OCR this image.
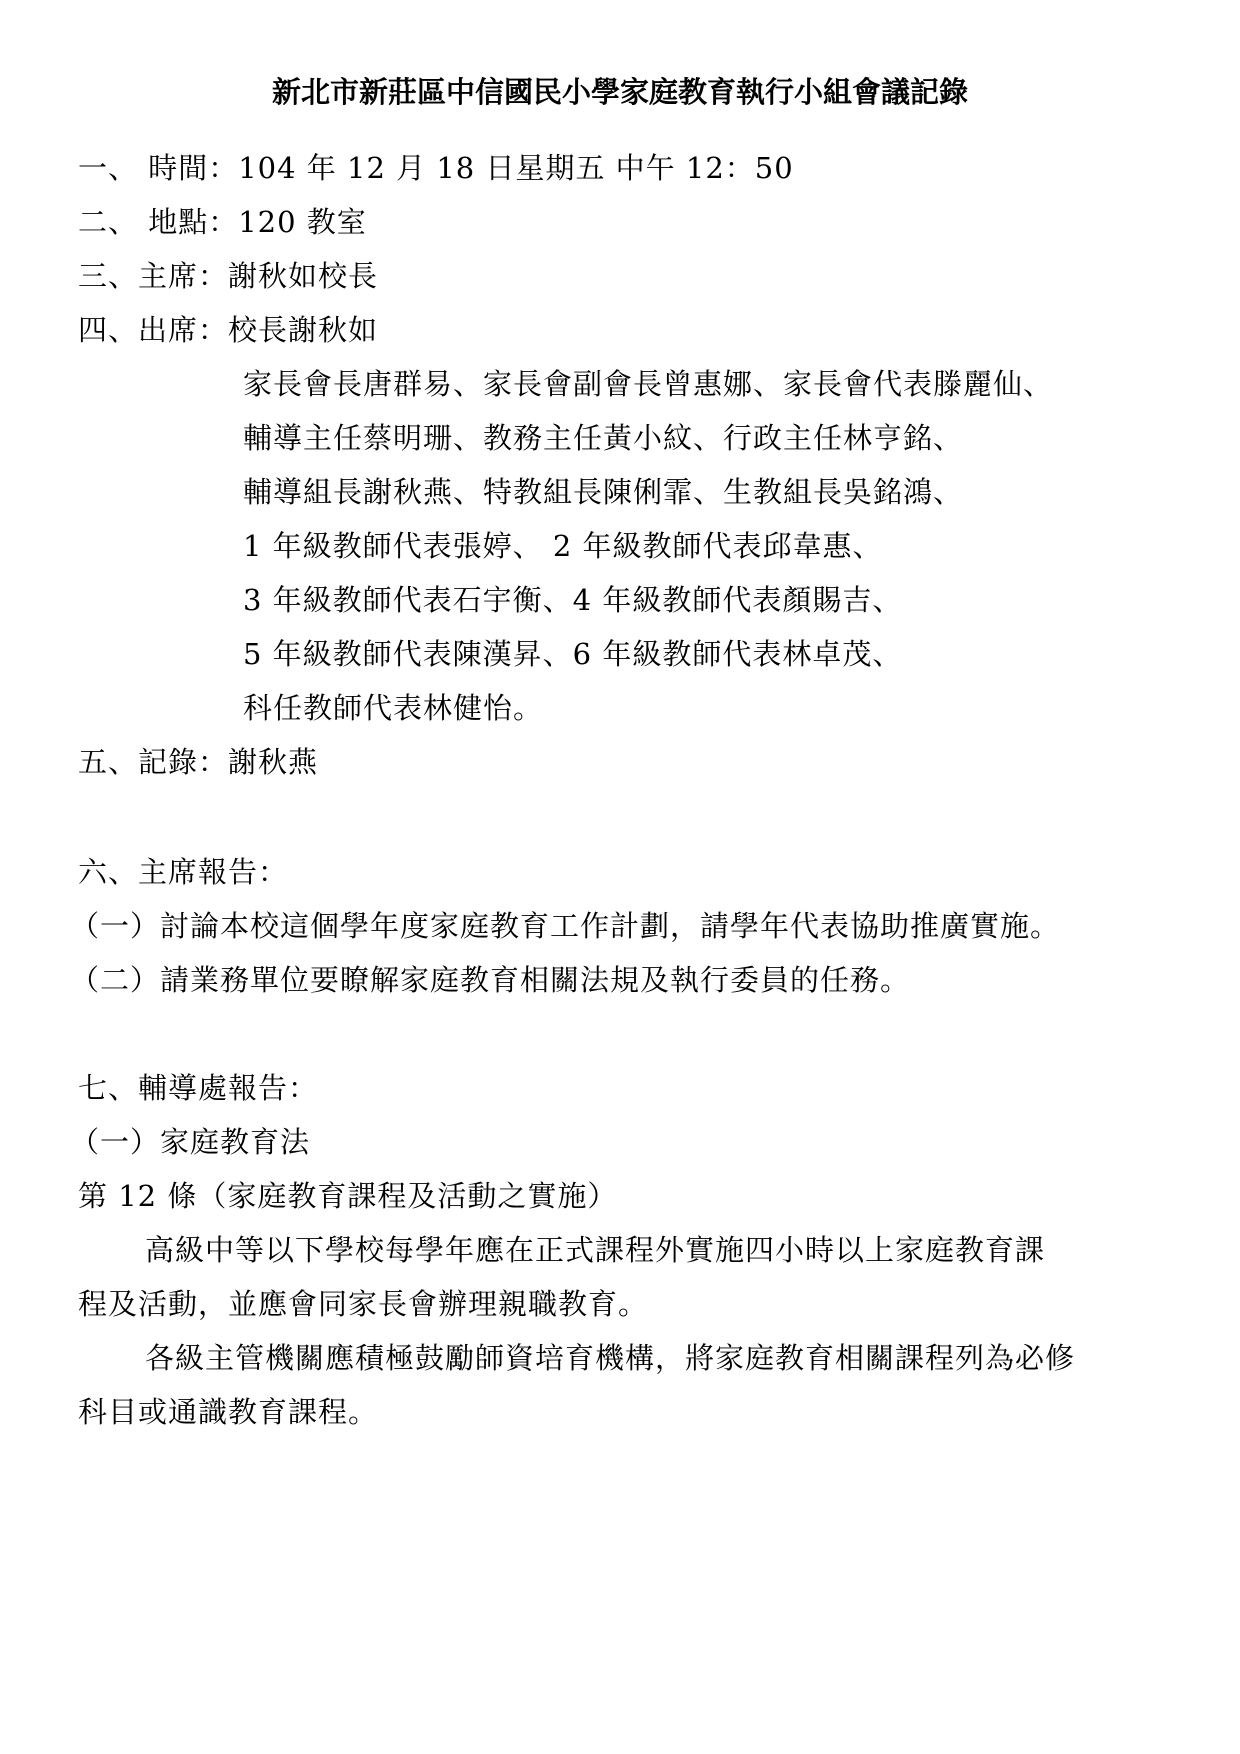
新北市新莊區中信國民小學家庭教育執行小組會議記錄
一、 時間：104 年 12 月 18 日星期五 中午 12：50
二、 地點：120 教室
三、主席：謝秋如校長
四、出席：校長謝秋如
家長會長唐群易、家長會副會長曾惠娜、家長會代表滕麗仙、
輔導主任蔡明珊、教務主任黃小紋、行政主任林亨銘、
輔導組長謝秋燕、特教組長陳俐霏、生教組長吳銘鴻、
1 年級教師代表張婷、 2 年級教師代表邱韋惠、
3 年級教師代表石宇衡、4 年級教師代表顏賜吉、
5 年級教師代表陳漢昇、6 年級教師代表林卓茂、
科任教師代表林健怡。
五、記錄：謝秋燕
六、主席報告：
（一）討論本校這個學年度家庭教育工作計劃，請學年代表協助推廣實施。
（二）請業務單位要瞭解家庭教育相關法規及執行委員的任務。
七、輔導處報告：
（一）家庭教育法
第 12 條（家庭教育課程及活動之實施）
高級中等以下學校每學年應在正式課程外實施四小時以上家庭教育課
程及活動，並應會同家長會辦理親職教育。
各級主管機關應積極鼓勵師資培育機構，將家庭教育相關課程列為必修
科目或通識教育課程。
